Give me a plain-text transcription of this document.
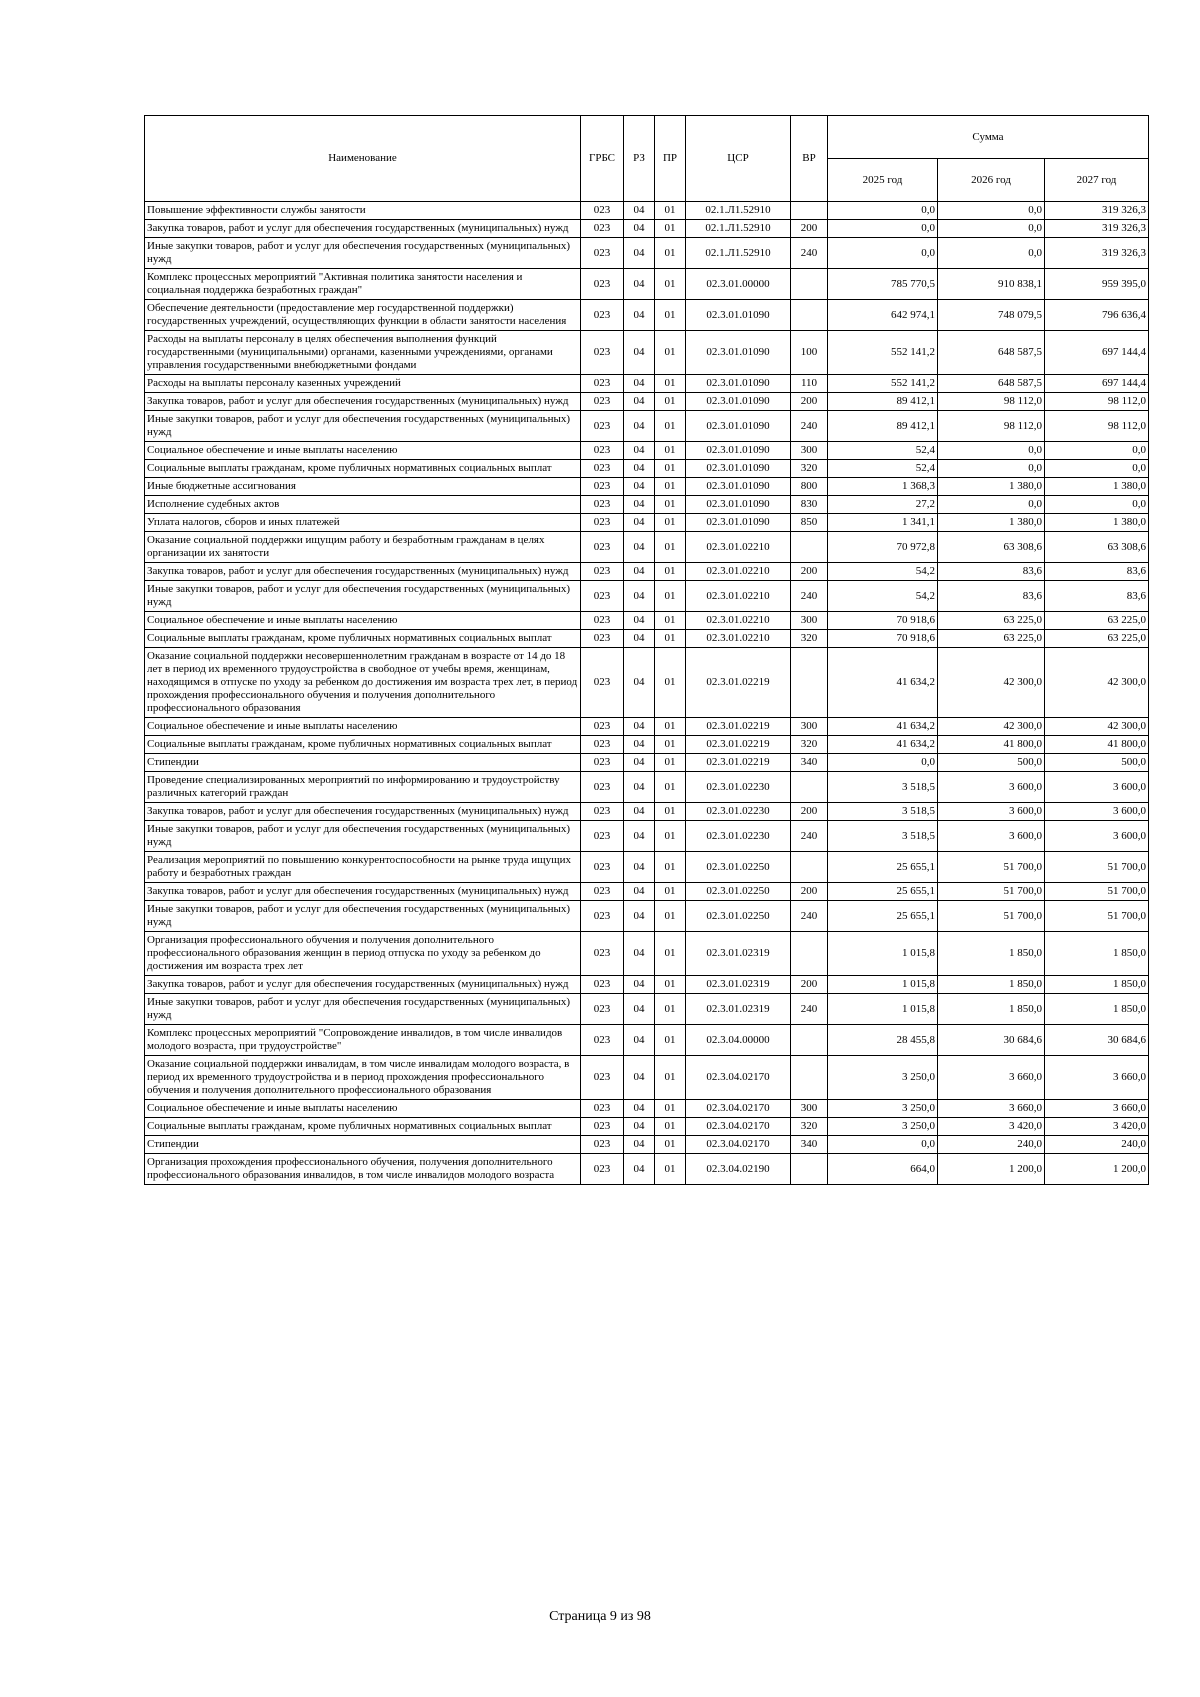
Наименование	ГРБС	РЗ	ПР	ЦСР	ВР	Сумма		
						2025 год	2026 год	2027 год
Повышение эффективности службы занятости	023	04	01	02.1.Л1.52910		0,0	0,0	319 326,3
Закупка товаров, работ и услуг для обеспечения государственных (муниципальных) нужд	023	04	01	02.1.Л1.52910	200	0,0	0,0	319 326,3
Иные закупки товаров, работ и услуг для обеспечения государственных (муниципальных) нужд	023	04	01	02.1.Л1.52910	240	0,0	0,0	319 326,3
Комплекс процессных мероприятий "Активная политика занятости населения и социальная поддержка безработных граждан"	023	04	01	02.3.01.00000		785 770,5	910 838,1	959 395,0
Обеспечение деятельности (предоставление мер государственной поддержки) государственных учреждений, осуществляющих функции в области занятости населения	023	04	01	02.3.01.01090		642 974,1	748 079,5	796 636,4
Расходы на выплаты персоналу в целях обеспечения выполнения функций государственными (муниципальными) органами, казенными учреждениями, органами управления государственными внебюджетными фондами	023	04	01	02.3.01.01090	100	552 141,2	648 587,5	697 144,4
Расходы на выплаты персоналу казенных учреждений	023	04	01	02.3.01.01090	110	552 141,2	648 587,5	697 144,4
Закупка товаров, работ и услуг для обеспечения государственных (муниципальных) нужд	023	04	01	02.3.01.01090	200	89 412,1	98 112,0	98 112,0
Иные закупки товаров, работ и услуг для обеспечения государственных (муниципальных) нужд	023	04	01	02.3.01.01090	240	89 412,1	98 112,0	98 112,0
Социальное обеспечение и иные выплаты населению	023	04	01	02.3.01.01090	300	52,4	0,0	0,0
Социальные выплаты гражданам, кроме публичных нормативных социальных выплат	023	04	01	02.3.01.01090	320	52,4	0,0	0,0
Иные бюджетные ассигнования	023	04	01	02.3.01.01090	800	1 368,3	1 380,0	1 380,0
Исполнение судебных актов	023	04	01	02.3.01.01090	830	27,2	0,0	0,0
Уплата налогов, сборов и иных платежей	023	04	01	02.3.01.01090	850	1 341,1	1 380,0	1 380,0
Оказание социальной поддержки ищущим работу и безработным гражданам в целях организации их занятости	023	04	01	02.3.01.02210		70 972,8	63 308,6	63 308,6
Закупка товаров, работ и услуг для обеспечения государственных (муниципальных) нужд	023	04	01	02.3.01.02210	200	54,2	83,6	83,6
Иные закупки товаров, работ и услуг для обеспечения государственных (муниципальных) нужд	023	04	01	02.3.01.02210	240	54,2	83,6	83,6
Социальное обеспечение и иные выплаты населению	023	04	01	02.3.01.02210	300	70 918,6	63 225,0	63 225,0
Социальные выплаты гражданам, кроме публичных нормативных социальных выплат	023	04	01	02.3.01.02210	320	70 918,6	63 225,0	63 225,0
Оказание социальной поддержки несовершеннолетним гражданам в возрасте от 14 до 18 лет в период их временного трудоустройства в свободное от учебы время, женщинам, находящимся в отпуске по уходу за ребенком до достижения им возраста трех лет, в период прохождения профессионального обучения и получения дополнительного профессионального образования	023	04	01	02.3.01.02219		41 634,2	42 300,0	42 300,0
Социальное обеспечение и иные выплаты населению	023	04	01	02.3.01.02219	300	41 634,2	42 300,0	42 300,0
Социальные выплаты гражданам, кроме публичных нормативных социальных выплат	023	04	01	02.3.01.02219	320	41 634,2	41 800,0	41 800,0
Стипендии	023	04	01	02.3.01.02219	340	0,0	500,0	500,0
Проведение специализированных мероприятий по информированию и трудоустройству различных категорий граждан	023	04	01	02.3.01.02230		3 518,5	3 600,0	3 600,0
Закупка товаров, работ и услуг для обеспечения государственных (муниципальных) нужд	023	04	01	02.3.01.02230	200	3 518,5	3 600,0	3 600,0
Иные закупки товаров, работ и услуг для обеспечения государственных (муниципальных) нужд	023	04	01	02.3.01.02230	240	3 518,5	3 600,0	3 600,0
Реализация мероприятий по повышению конкурентоспособности на рынке труда ищущих работу и безработных граждан	023	04	01	02.3.01.02250		25 655,1	51 700,0	51 700,0
Закупка товаров, работ и услуг для обеспечения государственных (муниципальных) нужд	023	04	01	02.3.01.02250	200	25 655,1	51 700,0	51 700,0
Иные закупки товаров, работ и услуг для обеспечения государственных (муниципальных) нужд	023	04	01	02.3.01.02250	240	25 655,1	51 700,0	51 700,0
Организация профессионального обучения и получения дополнительного профессионального образования женщин в период отпуска по уходу за ребенком до достижения им возраста трех лет	023	04	01	02.3.01.02319		1 015,8	1 850,0	1 850,0
Закупка товаров, работ и услуг для обеспечения государственных (муниципальных) нужд	023	04	01	02.3.01.02319	200	1 015,8	1 850,0	1 850,0
Иные закупки товаров, работ и услуг для обеспечения государственных (муниципальных) нужд	023	04	01	02.3.01.02319	240	1 015,8	1 850,0	1 850,0
Комплекс процессных мероприятий "Сопровождение инвалидов, в том числе инвалидов молодого возраста, при трудоустройстве"	023	04	01	02.3.04.00000		28 455,8	30 684,6	30 684,6
Оказание социальной поддержки инвалидам, в том числе инвалидам молодого возраста, в период их временного трудоустройства и в период прохождения профессионального обучения и получения дополнительного профессионального образования	023	04	01	02.3.04.02170		3 250,0	3 660,0	3 660,0
Социальное обеспечение и иные выплаты населению	023	04	01	02.3.04.02170	300	3 250,0	3 660,0	3 660,0
Социальные выплаты гражданам, кроме публичных нормативных социальных выплат	023	04	01	02.3.04.02170	320	3 250,0	3 420,0	3 420,0
Стипендии	023	04	01	02.3.04.02170	340	0,0	240,0	240,0
Организация прохождения профессионального обучения, получения дополнительного профессионального образования инвалидов, в том числе инвалидов молодого возраста	023	04	01	02.3.04.02190		664,0	1 200,0	1 200,0
Страница 9 из 98
